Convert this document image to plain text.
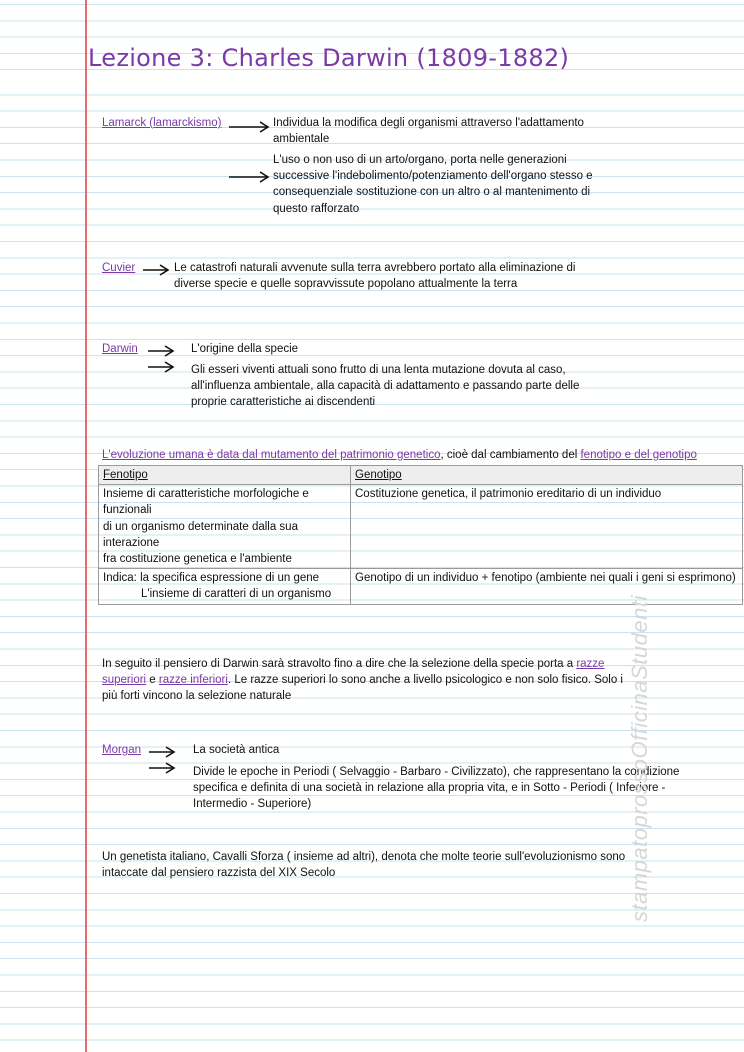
Lezione 3: Charles Darwin (1809-1882)
Lamarck (lamarckismo)	Individua la modifica degli organismi attraverso l'adattamento ambientale
L'uso o non uso di un arto/organo, porta nelle generazioni successive l'indebolimento/potenziamento dell'organo stesso e consequenziale sostituzione con un altro o al mantenimento di questo rafforzato
Cuvier	Le catastrofi naturali avvenute sulla terra avrebbero portato alla eliminazione di diverse specie e quelle sopravvissute popolano attualmente la terra
Darwin	L'origine della specie
Gli esseri viventi attuali sono frutto di una lenta mutazione dovuta al caso, all'influenza ambientale, alla capacità di adattamento e passando parte delle proprie caratteristiche ai discendenti
L'evoluzione umana è data dal mutamento del patrimonio genetico, cioè dal cambiamento del fenotipo e del genotipo
Fenotipo	Genotipo

Insieme di caratteristiche morfologiche e funzionali
di un organismo determinate dalla sua interazione
fra costituzione genetica e l'ambiente	Costituzione genetica, il patrimonio ereditario di un individuo

Indica: la specifica espressione di un gene
L'insieme di caratteri di un organismo	Genotipo di un individuo + fenotipo (ambiente nei quali i geni si esprimono)
In seguito il pensiero di Darwin sarà stravolto fino a dire che la selezione della specie porta a razze superiori e razze inferiori. Le razze superiori lo sono anche a livello psicologico e non solo fisico. Solo i più forti vincono la selezione naturale
Morgan	La società antica
Divide le epoche in Periodi ( Selvaggio - Barbaro - Civilizzato), che rappresentano la condizione specifica e definita di una società in relazione alla propria vita, e in Sotto - Periodi ( Inferiore - Intermedio - Superiore)
Un genetista italiano, Cavalli Sforza ( insieme ad altri), denota che molte teorie sull'evoluzionismo sono intaccate dal pensiero razzista del XIX Secolo	stampatoprossoOfficinaStudenti
